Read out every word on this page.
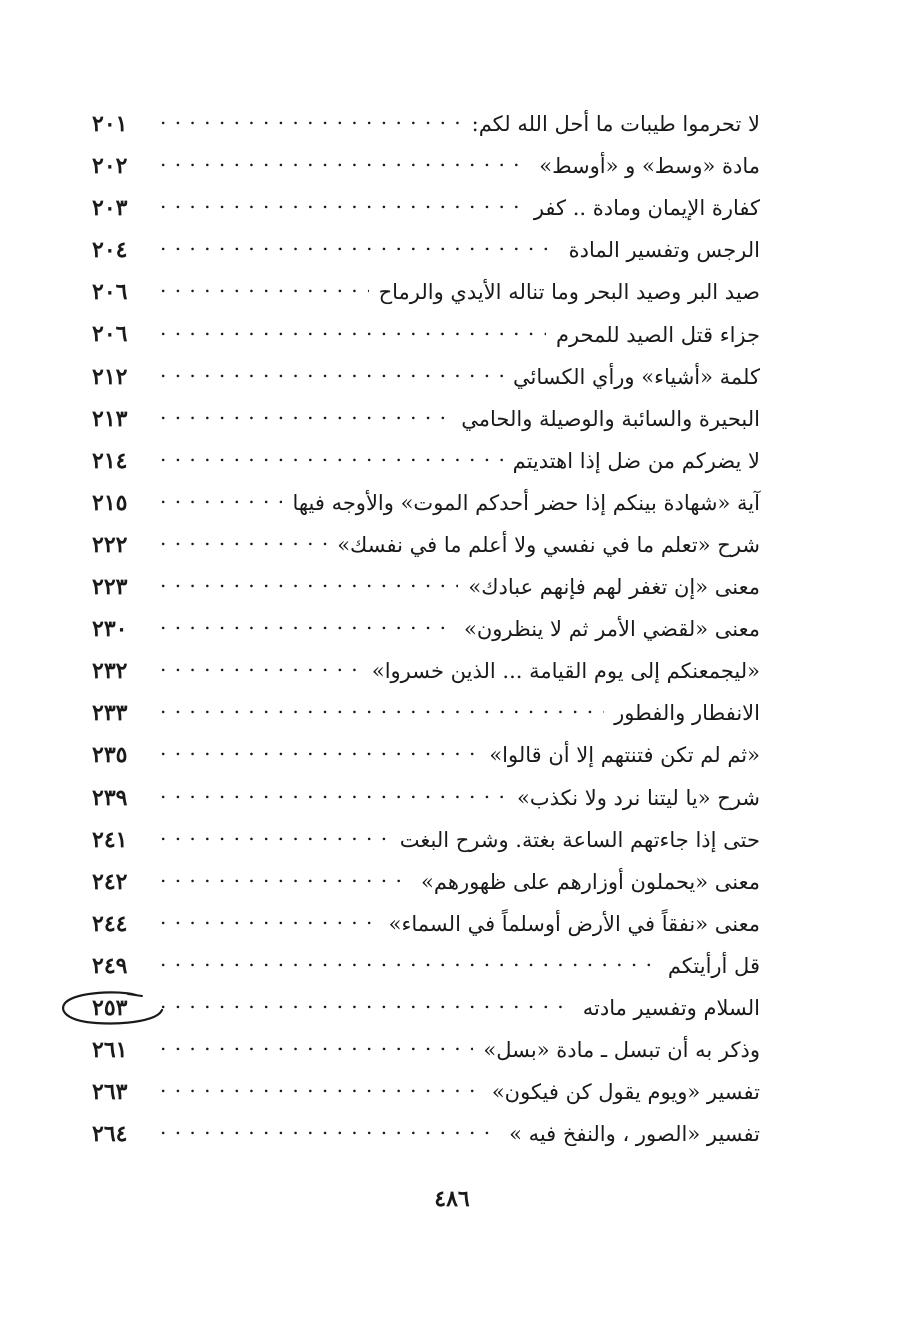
لا تحرموا طيبات ما أحل الله لكم:
. . .
٢٠١
مادة «وسط» و «أوسط»
. . .
٢٠٢
كفارة الإيمان ومادة .. كفر
. . .
٢٠٣
الرجس وتفسير المادة
. . .
٢٠٤
صيد البر وصيد البحر وما تناله الأيدي والرماح
. . .
٢٠٦
جزاء قتل الصيد للمحرم
. . .
٢٠٦
كلمة «أشياء» ورأي الكسائي
. . .
٢١٢
البحيرة والسائبة والوصيلة والحامي
. . .
٢١٣
لا يضركم من ضل إذا اهتديتم
. . .
٢١٤
آية «شهادة بينكم إذا حضر أحدكم الموت» والأوجه فيها
. . .
٢١٥
شرح «تعلم ما في نفسي ولا أعلم ما في نفسك»
. . .
٢٢٢
معنى «إن تغفر لهم فإنهم عبادك»
. . .
٢٢٣
معنى «لقضي الأمر ثم لا ينظرون»
. . .
٢٣٠
«ليجمعنكم إلى يوم القيامة ... الذين خسروا»
. . .
٢٣٢
الانفطار والفطور
. . .
٢٣٣
«ثم لم تكن فتنتهم إلا أن قالوا»
. . .
٢٣٥
شرح «يا ليتنا نرد ولا نكذب»
. . .
٢٣٩
حتى إذا جاءتهم الساعة بغتة. وشرح البغت
. . .
٢٤١
معنى «يحملون أوزارهم على ظهورهم»
. . .
٢٤٢
معنى «نفقاً في الأرض أوسلماً في السماء»
. . .
٢٤٤
قل أرأيتكم
. . .
٢٤٩
السلام وتفسير مادته
. . .
٢٥٣
وذكر به أن تبسل ـ مادة «بسل»
. . .
٢٦١
تفسير «ويوم يقول كن فيكون»
. . .
٢٦٣
تفسير «الصور ، والنفخ فيه »
. . .
٢٦٤
٤٨٦
